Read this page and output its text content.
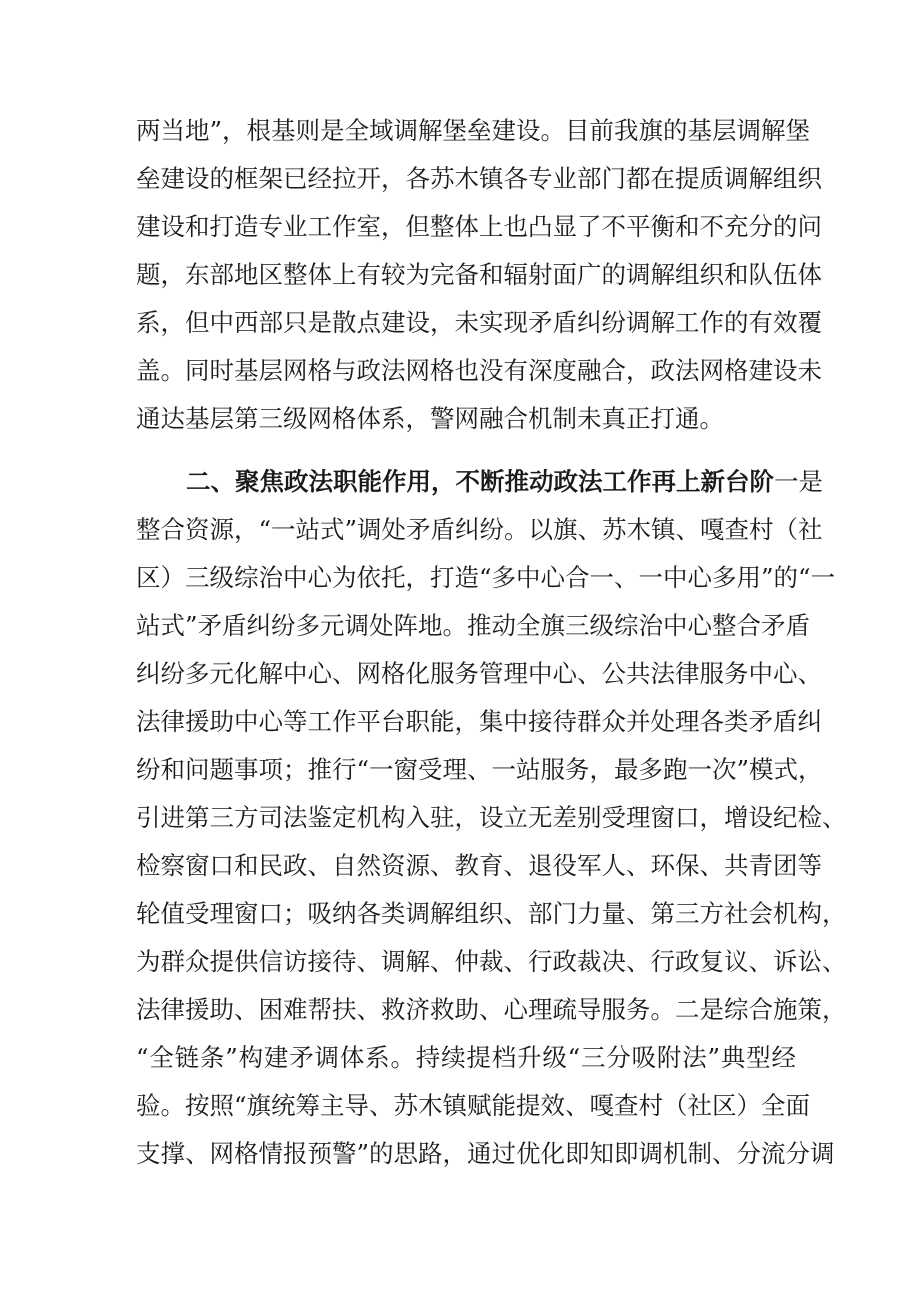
两当地”，根基则是全域调解堡垒建设。目前我旗的基层调解堡
垒建设的框架已经拉开，各苏木镇各专业部门都在提质调解组织
建设和打造专业工作室，但整体上也凸显了不平衡和不充分的问
题，东部地区整体上有较为完备和辐射面广的调解组织和队伍体
系，但中西部只是散点建设，未实现矛盾纠纷调解工作的有效覆
盖。同时基层网格与政法网格也没有深度融合，政法网格建设未
通达基层第三级网格体系，警网融合机制未真正打通。
二、聚焦政法职能作用，不断推动政法工作再上新台阶一是
整合资源，“一站式”调处矛盾纠纷。以旗、苏木镇、嘎查村（社
区）三级综治中心为依托，打造“多中心合一、一中心多用”的“一
站式”矛盾纠纷多元调处阵地。推动全旗三级综治中心整合矛盾
纠纷多元化解中心、网格化服务管理中心、公共法律服务中心、
法律援助中心等工作平台职能，集中接待群众并处理各类矛盾纠
纷和问题事项；推行“一窗受理、一站服务，最多跑一次”模式，
引进第三方司法鉴定机构入驻，设立无差别受理窗口，增设纪检、
检察窗口和民政、自然资源、教育、退役军人、环保、共青团等
轮值受理窗口；吸纳各类调解组织、部门力量、第三方社会机构，
为群众提供信访接待、调解、仲裁、行政裁决、行政复议、诉讼、
法律援助、困难帮扶、救济救助、心理疏导服务。二是综合施策，
“全链条”构建矛调体系。持续提档升级“三分吸附法”典型经
验。按照“旗统筹主导、苏木镇赋能提效、嘎查村（社区）全面
支撑、网格情报预警”的思路，通过优化即知即调机制、分流分调
